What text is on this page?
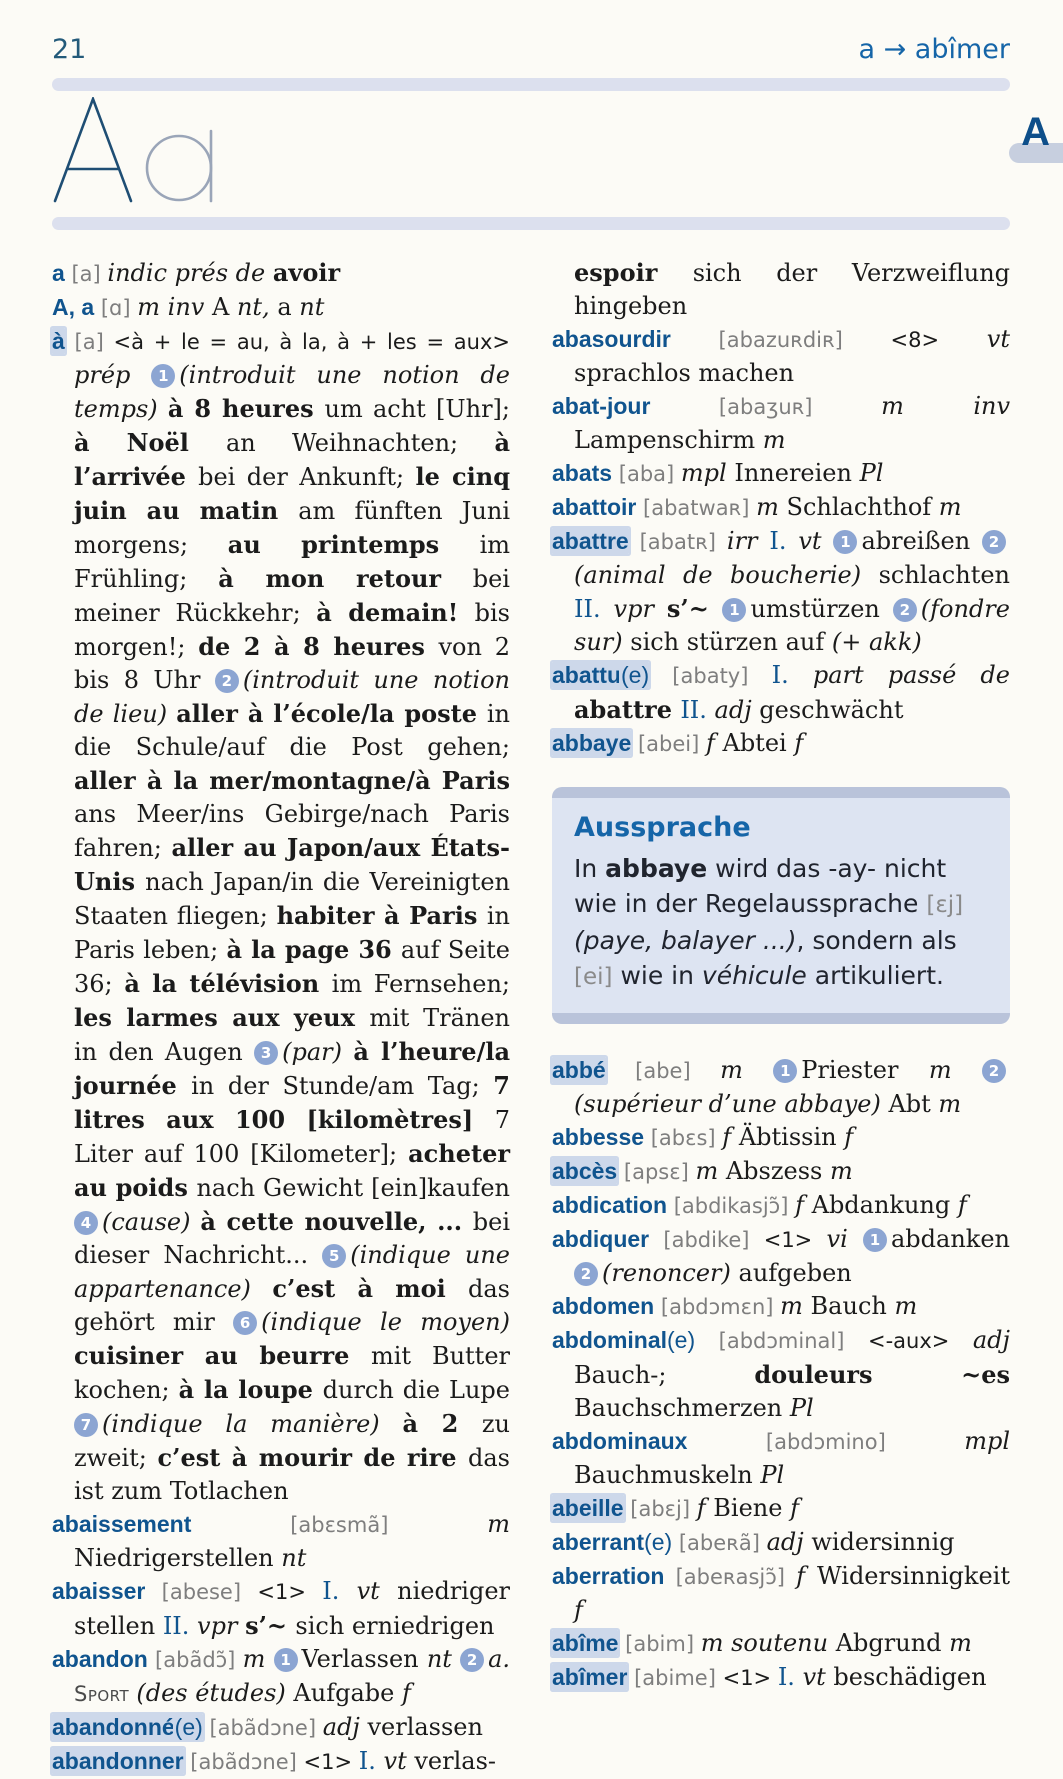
21	a → abîmer
A

a [a] indic prés de avoir

A, a [ɑ] m inv A nt, a nt

à [a] <à + le = au, à la, à + les = aux> prép 1 (introduit une notion de temps) à 8 heures um acht [Uhr]; à Noël an Weihnachten; à l’arrivée bei der Ankunft; le cinq juin au matin am fünften Juni morgens; au printemps im Frühling; à mon retour bei meiner Rückkehr; à demain! bis morgen!; de 2 à 8 heures von 2 bis 8 Uhr 2 (introduit une notion de lieu) aller à l’école/la poste in die Schule/auf die Post gehen; aller à la mer/montagne/à Paris ans Meer/ins Gebirge/nach Paris fahren; aller au Japon/aux États-Unis nach Japan/in die Vereinigten Staaten fliegen; habiter à Paris in Paris leben; à la page 36 auf Seite 36; à la télévision im Fernsehen; les larmes aux yeux mit Tränen in den Augen 3 (par) à l’heure/la journée in der Stunde/am Tag; 7 litres aux 100 [kilomètres] 7 Liter auf 100 [Kilometer]; acheter au poids nach Gewicht [ein]kaufen 4 (cause) à cette nouvelle, ... bei dieser Nachricht... 5 (indique une appartenance) c’est à moi das gehört mir 6 (indique le moyen) cuisiner au beurre mit Butter kochen; à la loupe durch die Lupe 7 (indique la manière) à 2 zu zweit; c’est à mourir de rire das ist zum Totlachen

abaissement [abɛsmã] m Niedrigerstellen nt

abaisser [abese] <1> I. vt niedriger stellen II. vpr s’~ sich erniedrigen

abandon [abãdɔ̃] m 1 Verlassen nt 2 a. Sport (des études) Aufgabe f

abandonné(e) [abãdɔne] adj verlassen

abandonner [abãdɔne] <1> I. vt verlas-

espoir sich der Verzweiflung hingeben

abasourdir [abazuʀdiʀ] <8> vt sprachlos machen

abat-jour [abaʒuʀ] m inv Lampenschirm m

abats [aba] mpl Innereien Pl

abattoir [abatwaʀ] m Schlachthof m

abattre [abatʀ] irr I. vt 1 abreißen 2(animal de boucherie) schlachten II. vpr s’~ 1 umstürzen 2 (fondre sur) sich stürzen auf (+ akk)

abattu(e) [abaty] I. part passé de abattre II. adj geschwächt

abbaye [abei] f Abtei f

Aussprache

In abbaye wird das -ay- nicht wie in der Regelaussprache [ɛj] (paye, balayer ...), sondern als [ei] wie in véhicule artikuliert.

abbé [abe] m 1 Priester m 2(supérieur d’une abbaye) Abt m

abbesse [abɛs] f Äbtissin f

abcès [apsɛ] m Abszess m

abdication [abdikasjɔ̃] f Abdankung f

abdiquer [abdike] <1> vi 1 abdanken 2 (renoncer) aufgeben

abdomen [abdɔmɛn] m Bauch m

abdominal(e) [abdɔminal] <-aux> adj Bauch-; douleurs ~es Bauchschmerzen Pl

abdominaux [abdɔmino] mpl Bauchmuskeln Pl

abeille [abɛj] f Biene f

aberrant(e) [abeʀã] adj widersinnig

aberration [abeʀasjɔ̃] f Widersinnigkeit f

abîme [abim] m soutenu Abgrund m

abîmer [abime] <1> I. vt beschädigen
